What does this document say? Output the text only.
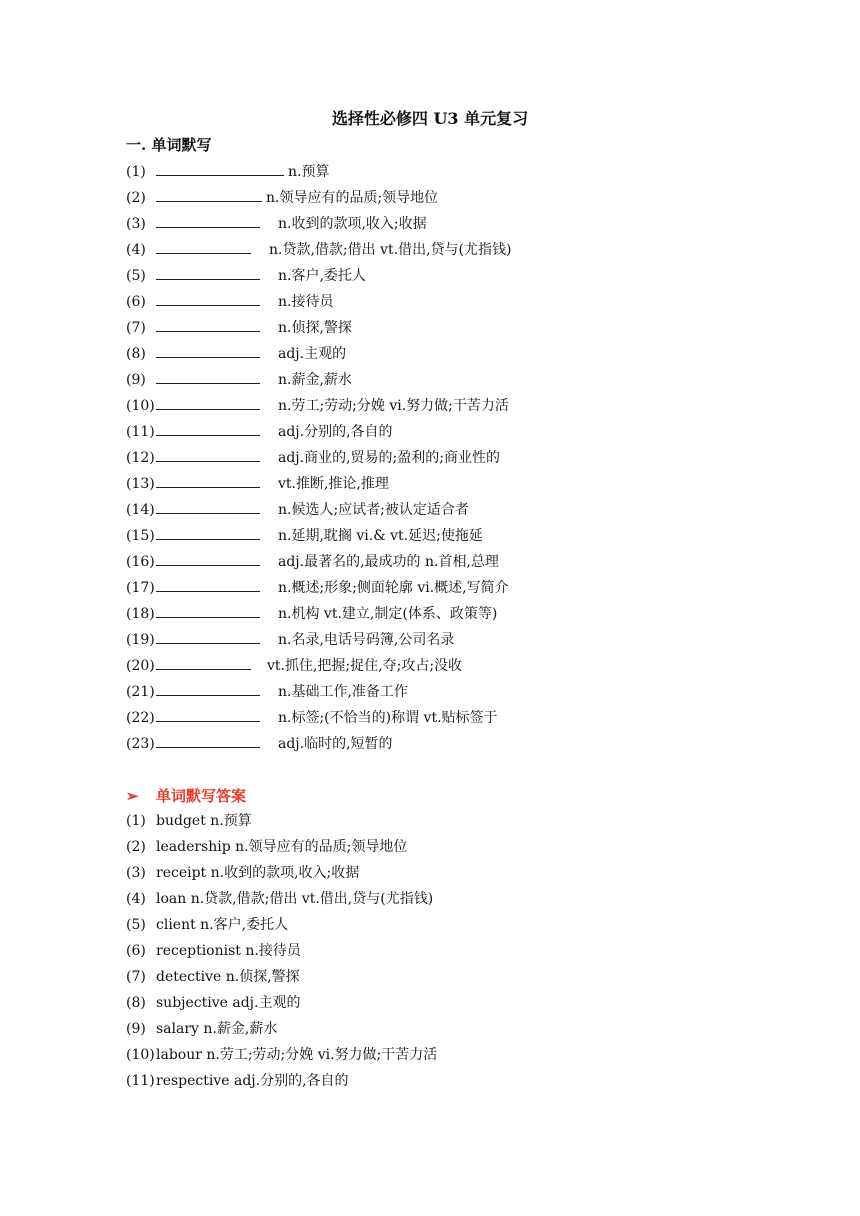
选择性必修四 U3 单元复习
一. 单词默写
(1)	n.预算
(2)	n.领导应有的品质;领导地位
(3)	n.收到的款项,收入;收据
(4)	n.贷款,借款;借出 vt.借出,贷与(尤指钱)
(5)	n.客户,委托人
(6)	n.接待员
(7)	n.侦探,警探
(8)	adj.主观的
(9)	n.薪金,薪水
(10)	n.劳工;劳动;分娩 vi.努力做;干苦力活
(11)	adj.分别的,各自的
(12)	adj.商业的,贸易的;盈利的;商业性的
(13)	vt.推断,推论,推理
(14)	n.候选人;应试者;被认定适合者
(15)	n.延期,耽搁 vi.& vt.延迟;使拖延
(16)	adj.最著名的,最成功的 n.首相,总理
(17)	n.概述;形象;侧面轮廓 vi.概述,写简介
(18)	n.机构 vt.建立,制定(体系、政策等)
(19)	n.名录,电话号码簿,公司名录
(20)	vt.抓住,把握;捉住,夺;攻占;没收
(21)	n.基础工作,准备工作
(22)	n.标签;(不恰当的)称谓 vt.贴标签于
(23)	adj.临时的,短暂的
➢ 单词默写答案
(1) budget n.预算
(2) leadership n.领导应有的品质;领导地位
(3) receipt n.收到的款项,收入;收据
(4) loan n.贷款,借款;借出 vt.借出,贷与(尤指钱)
(5) client n.客户,委托人
(6) receptionist n.接待员
(7) detective n.侦探,警探
(8) subjective adj.主观的
(9) salary n.薪金,薪水
(10)labour n.劳工;劳动;分娩 vi.努力做;干苦力活
(11)respective adj.分别的,各自的
